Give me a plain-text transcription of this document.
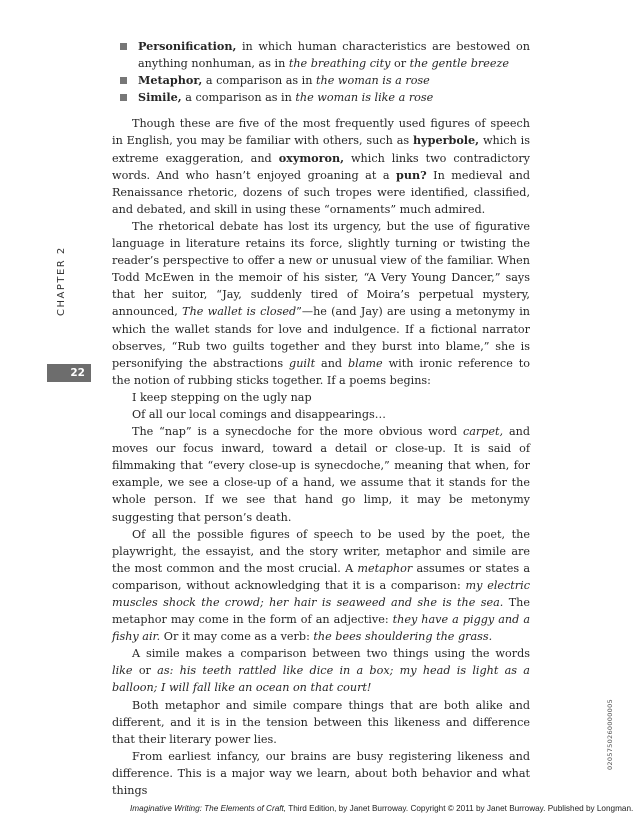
CHAPTER 2
22
Personification, in which human characteristics are bestowed on anything nonhuman, as in the breathing city or the gentle breeze
Metaphor, a comparison as in the woman is a rose
Simile, a comparison as in the woman is like a rose

Though these are five of the most frequently used figures of speech in English, you may be familiar with others, such as hyperbole, which is extreme exaggeration, and oxymoron, which links two contradictory words. And who hasn’t enjoyed groaning at a pun? In medieval and Renaissance rhetoric, dozens of such tropes were identified, classified, and debated, and skill in using these “ornaments” much admired.

The rhetorical debate has lost its urgency, but the use of figurative language in literature retains its force, slightly turning or twisting the reader’s perspective to offer a new or unusual view of the familiar. When Todd McEwen in the memoir of his sister, “A Very Young Dancer,” says that her suitor, “Jay, suddenly tired of Moira’s perpetual mystery, announced, The wallet is closed”—he (and Jay) are using a metonymy in which the wallet stands for love and indulgence. If a fictional narrator observes, “Rub two guilts together and they burst into blame,” she is personifying the abstractions guilt and blame with ironic reference to the notion of rubbing sticks together. If a poems begins:

I keep stepping on the ugly nap
Of all our local comings and disappearings…

The “nap” is a synecdoche for the more obvious word carpet, and moves our focus inward, toward a detail or close-up. It is said of filmmaking that “every close-up is synecdoche,” meaning that when, for example, we see a close-up of a hand, we assume that it stands for the whole person. If we see that hand go limp, it may be metonymy suggesting that person’s death.

Of all the possible figures of speech to be used by the poet, the playwright, the essayist, and the story writer, metaphor and simile are the most common and the most crucial. A metaphor assumes or states a comparison, without acknowledging that it is a comparison: my electric muscles shock the crowd; her hair is seaweed and she is the sea. The metaphor may come in the form of an adjective: they have a piggy and a fishy air. Or it may come as a verb: the bees shouldering the grass.

A simile makes a comparison between two things using the words like or as: his teeth rattled like dice in a box; my head is light as a balloon; I will fall like an ocean on that court!

Both metaphor and simile compare things that are both alike and different, and it is in the tension between this likeness and difference that their literary power lies.

From earliest infancy, our brains are busy registering likeness and difference. This is a major way we learn, about both behavior and what things

0205750260000005
Imaginative Writing: The Elements of Craft, Third Edition, by Janet Burroway. Copyright © 2011 by Janet Burroway. Published by Longman.
